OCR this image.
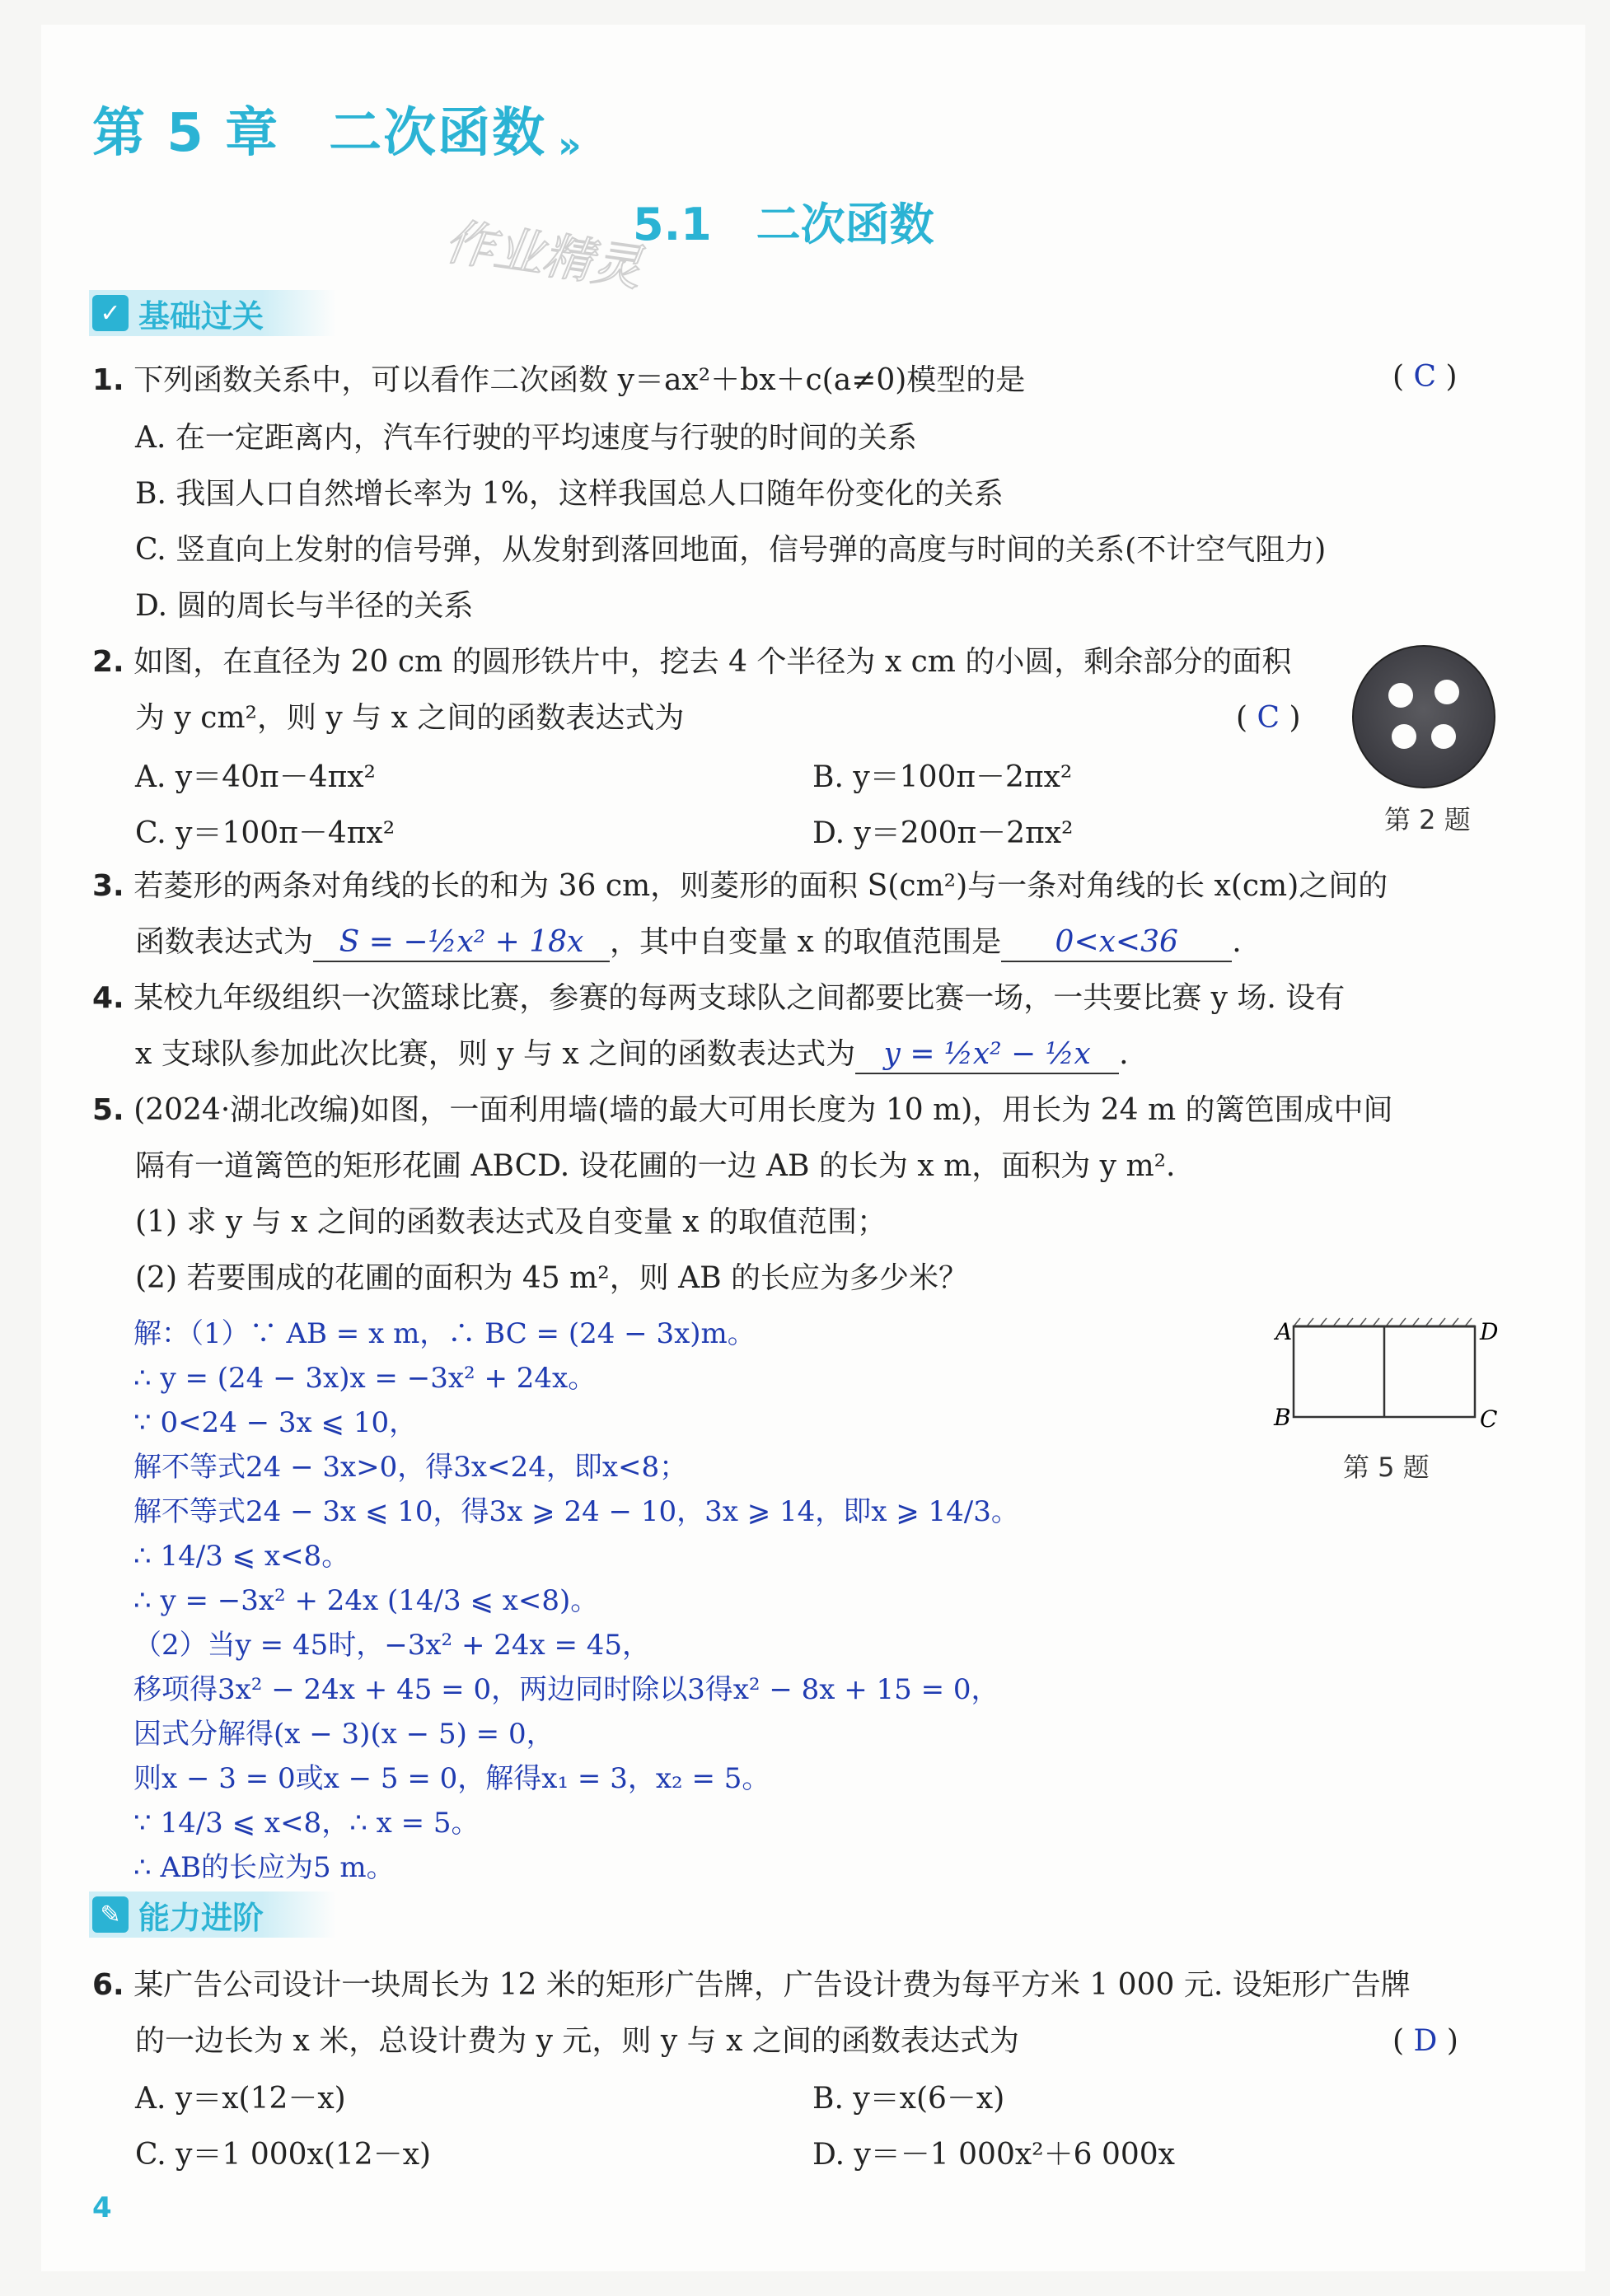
第 5 章 二次函数 »
作业精灵
5.1　二次函数
✓ 基础过关
1. 下列函数关系中，可以看作二次函数 y＝ax²＋bx＋c(a≠0)模型的是	( C )
A. 在一定距离内，汽车行驶的平均速度与行驶的时间的关系
B. 我国人口自然增长率为 1%，这样我国总人口随年份变化的关系
C. 竖直向上发射的信号弹，从发射到落回地面，信号弹的高度与时间的关系(不计空气阻力)
D. 圆的周长与半径的关系
2. 如图，在直径为 20 cm 的圆形铁片中，挖去 4 个半径为 x cm 的小圆，剩余部分的面积
为 y cm²，则 y 与 x 之间的函数表达式为	( C )
A. y＝40π－4πx²	B. y＝100π－2πx²
C. y＝100π－4πx²	D. y＝200π－2πx²	第 2 题
3. 若菱形的两条对角线的长的和为 36 cm，则菱形的面积 S(cm²)与一条对角线的长 x(cm)之间的
函数表达式为 S = −½x² + 18x ，其中自变量 x 的取值范围是 0<x<36 .
4. 某校九年级组织一次篮球比赛，参赛的每两支球队之间都要比赛一场，一共要比赛 y 场. 设有
x 支球队参加此次比赛，则 y 与 x 之间的函数表达式为 y = ½x² − ½x .
5. (2024·湖北改编)如图，一面利用墙(墙的最大可用长度为 10 m)，用长为 24 m 的篱笆围成中间
隔有一道篱笆的矩形花圃 ABCD. 设花圃的一边 AB 的长为 x m，面积为 y m².
(1) 求 y 与 x 之间的函数表达式及自变量 x 的取值范围；
(2) 若要围成的花圃的面积为 45 m²，则 AB 的长应为多少米？
解：（1）∵ AB = x m，∴ BC = (24 − 3x)m。
∴ y = (24 − 3x)x = −3x² + 24x。
∵ 0<24 − 3x ⩽ 10，
解不等式24 − 3x>0，得3x<24，即x<8；
解不等式24 − 3x ⩽ 10，得3x ⩾ 24 − 10，3x ⩾ 14，即x ⩾ 14/3。
∴ 14/3 ⩽ x<8。
∴ y = −3x² + 24x (14/3 ⩽ x<8)。
（2）当y = 45时，−3x² + 24x = 45，
移项得3x² − 24x + 45 = 0，两边同时除以3得x² − 8x + 15 = 0，
因式分解得(x − 3)(x − 5) = 0，
则x − 3 = 0或x − 5 = 0，解得x₁ = 3，x₂ = 5。
∵ 14/3 ⩽ x<8，∴ x = 5。
∴ AB的长应为5 m。
A	D
B	C
第 5 题
✎ 能力进阶
6. 某广告公司设计一块周长为 12 米的矩形广告牌，广告设计费为每平方米 1 000 元. 设矩形广告牌
的一边长为 x 米，总设计费为 y 元，则 y 与 x 之间的函数表达式为	( D )
A. y＝x(12－x)	B. y＝x(6－x)
C. y＝1 000x(12－x)	D. y＝－1 000x²＋6 000x
4
